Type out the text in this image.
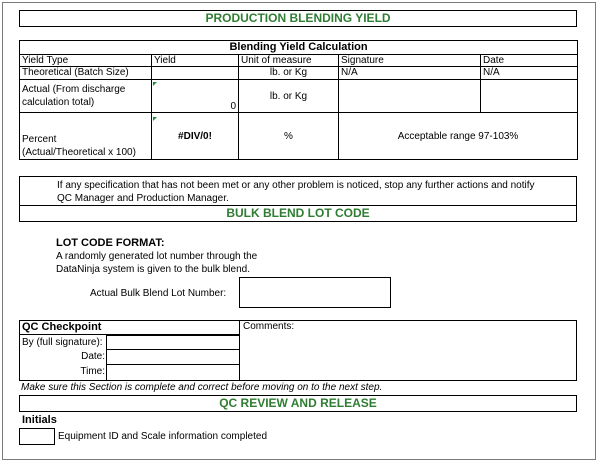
PRODUCTION BLENDING YIELD
Blending Yield Calculation				
Yield Type	Yield	Unit of measure	Signature	Date
Theoretical (Batch Size)		lb. or Kg	N/A	N/A
Actual (From discharge calculation total)	0	lb. or Kg		

Percent
(Actual/Theoretical x 100)	#DIV/0!	%	Acceptable range 97-103%	
If any specification that has not been met or any other problem is noticed, stop any further actions and notify
QC Manager and Production Manager.
BULK BLEND LOT CODE
LOT CODE FORMAT:
A randomly generated lot number through the
DataNinja system is given to the bulk blend.
Actual Bulk Blend Lot Number:
QC Checkpoint	Comments:
By (full signature):
Date:
Time:
Make sure this Section is complete and correct before moving on to the next step.
QC REVIEW AND RELEASE
Initials
Equipment ID and Scale information completed
